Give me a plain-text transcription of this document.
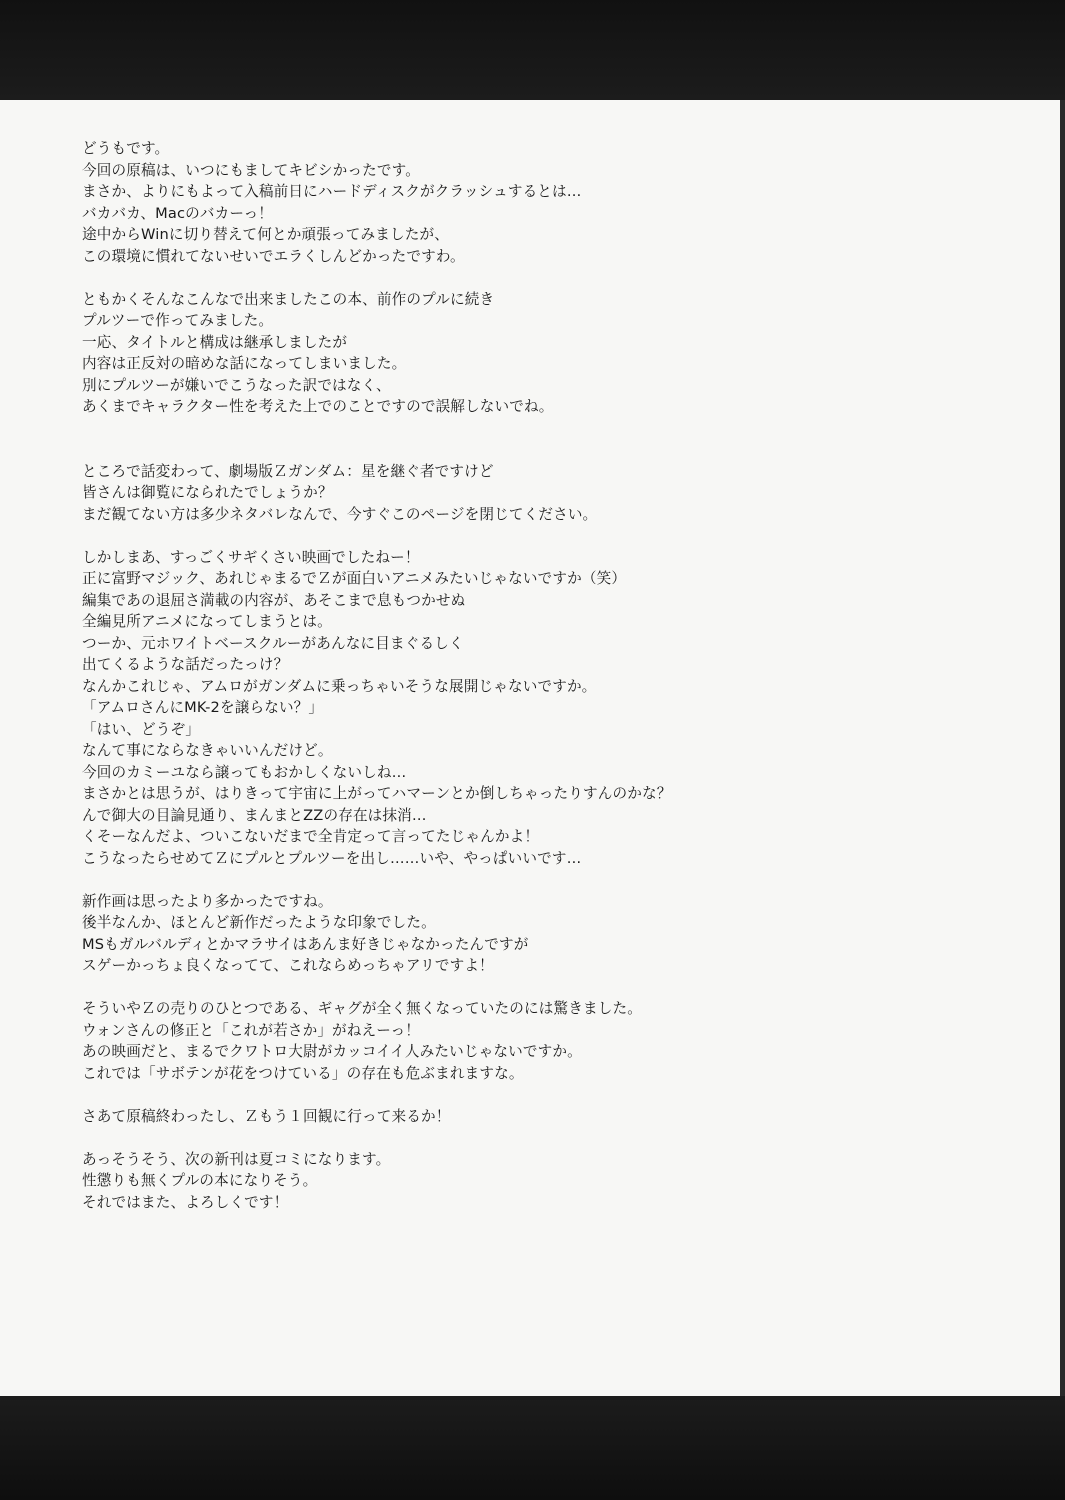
どうもです。
今回の原稿は、いつにもましてキビシかったです。
まさか、よりにもよって入稿前日にハードディスクがクラッシュするとは…
バカバカ、Macのバカーっ！
途中からWinに切り替えて何とか頑張ってみましたが、
この環境に慣れてないせいでエラくしんどかったですわ。
ともかくそんなこんなで出来ましたこの本、前作のプルに続き
プルツーで作ってみました。
一応、タイトルと構成は継承しましたが
内容は正反対の暗めな話になってしまいました。
別にプルツーが嫌いでこうなった訳ではなく、
あくまでキャラクター性を考えた上でのことですので誤解しないでね。
ところで話変わって、劇場版Ｚガンダム：星を継ぐ者ですけど
皆さんは御覧になられたでしょうか？
まだ観てない方は多少ネタバレなんで、今すぐこのページを閉じてください。
しかしまあ、すっごくサギくさい映画でしたねー！
正に富野マジック、あれじゃまるでＺが面白いアニメみたいじゃないですか（笑）
編集であの退屈さ満載の内容が、あそこまで息もつかせぬ
全編見所アニメになってしまうとは。
つーか、元ホワイトベースクルーがあんなに目まぐるしく
出てくるような話だったっけ？
なんかこれじゃ、アムロがガンダムに乗っちゃいそうな展開じゃないですか。
「アムロさんにMK-2を譲らない？」
「はい、どうぞ」
なんて事にならなきゃいいんだけど。
今回のカミーユなら譲ってもおかしくないしね…
まさかとは思うが、はりきって宇宙に上がってハマーンとか倒しちゃったりすんのかな？
んで御大の目論見通り、まんまとZZの存在は抹消…
くそーなんだよ、ついこないだまで全肯定って言ってたじゃんかよ！
こうなったらせめてＺにプルとプルツーを出し……いや、やっぱいいです…
新作画は思ったより多かったですね。
後半なんか、ほとんど新作だったような印象でした。
MSもガルバルディとかマラサイはあんま好きじゃなかったんですが
スゲーかっちょ良くなってて、これならめっちゃアリですよ！
そういやＺの売りのひとつである、ギャグが全く無くなっていたのには驚きました。
ウォンさんの修正と「これが若さか」がねえーっ！
あの映画だと、まるでクワトロ大尉がカッコイイ人みたいじゃないですか。
これでは「サボテンが花をつけている」の存在も危ぶまれますな。
さあて原稿終わったし、Ｚもう１回観に行って来るか！
あっそうそう、次の新刊は夏コミになります。
性懲りも無くプルの本になりそう。
それではまた、よろしくです！
